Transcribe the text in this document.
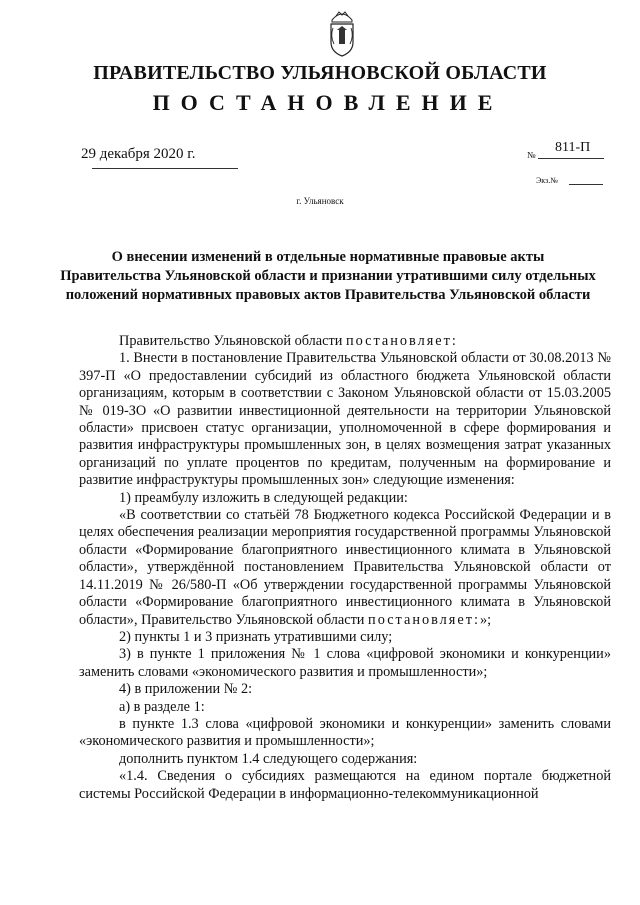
ПРАВИТЕЛЬСТВО УЛЬЯНОВСКОЙ ОБЛАСТИ
ПОСТАНОВЛЕНИЕ
29 декабря 2020 г.	№ 811-П
Экз.№
г. Ульяновск
О внесении изменений в отдельные нормативные правовые акты Правительства Ульяновской области и признании утратившими силу отдельных положений нормативных правовых актов Правительства Ульяновской области

Правительство Ульяновской области постановляет:

1. Внести в постановление Правительства Ульяновской области от 30.08.2013 № 397-П «О предоставлении субсидий из областного бюджета Ульяновской области организациям, которым в соответствии с Законом Ульяновской области от 15.03.2005 № 019-ЗО «О развитии инвестиционной деятельности на территории Ульяновской области» присвоен статус организации, уполномоченной в сфере формирования и развития инфраструктуры промышленных зон, в целях возмещения затрат указанных организаций по уплате процентов по кредитам, полученным на формирование и развитие инфраструктуры промышленных зон» следующие изменения:

1) преамбулу изложить в следующей редакции:

«В соответствии со статьёй 78 Бюджетного кодекса Российской Федерации и в целях обеспечения реализации мероприятия государственной программы Ульяновской области «Формирование благоприятного инвестиционного климата в Ульяновской области», утверждённой постановлением Правительства Ульяновской области от 14.11.2019 № 26/580-П «Об утверждении государственной программы Ульяновской области «Формирование благоприятного инвестиционного климата в Ульяновской области», Правительство Ульяновской области постановляет:»;

2) пункты 1 и 3 признать утратившими силу;

3) в пункте 1 приложения № 1 слова «цифровой экономики и конкуренции» заменить словами «экономического развития и промышленности»;

4) в приложении № 2:

а) в разделе 1:

в пункте 1.3 слова «цифровой экономики и конкуренции» заменить словами «экономического развития и промышленности»;

дополнить пунктом 1.4 следующего содержания:

«1.4. Сведения о субсидиях размещаются на едином портале бюджетной системы Российской Федерации в информационно-телекоммуникационной
